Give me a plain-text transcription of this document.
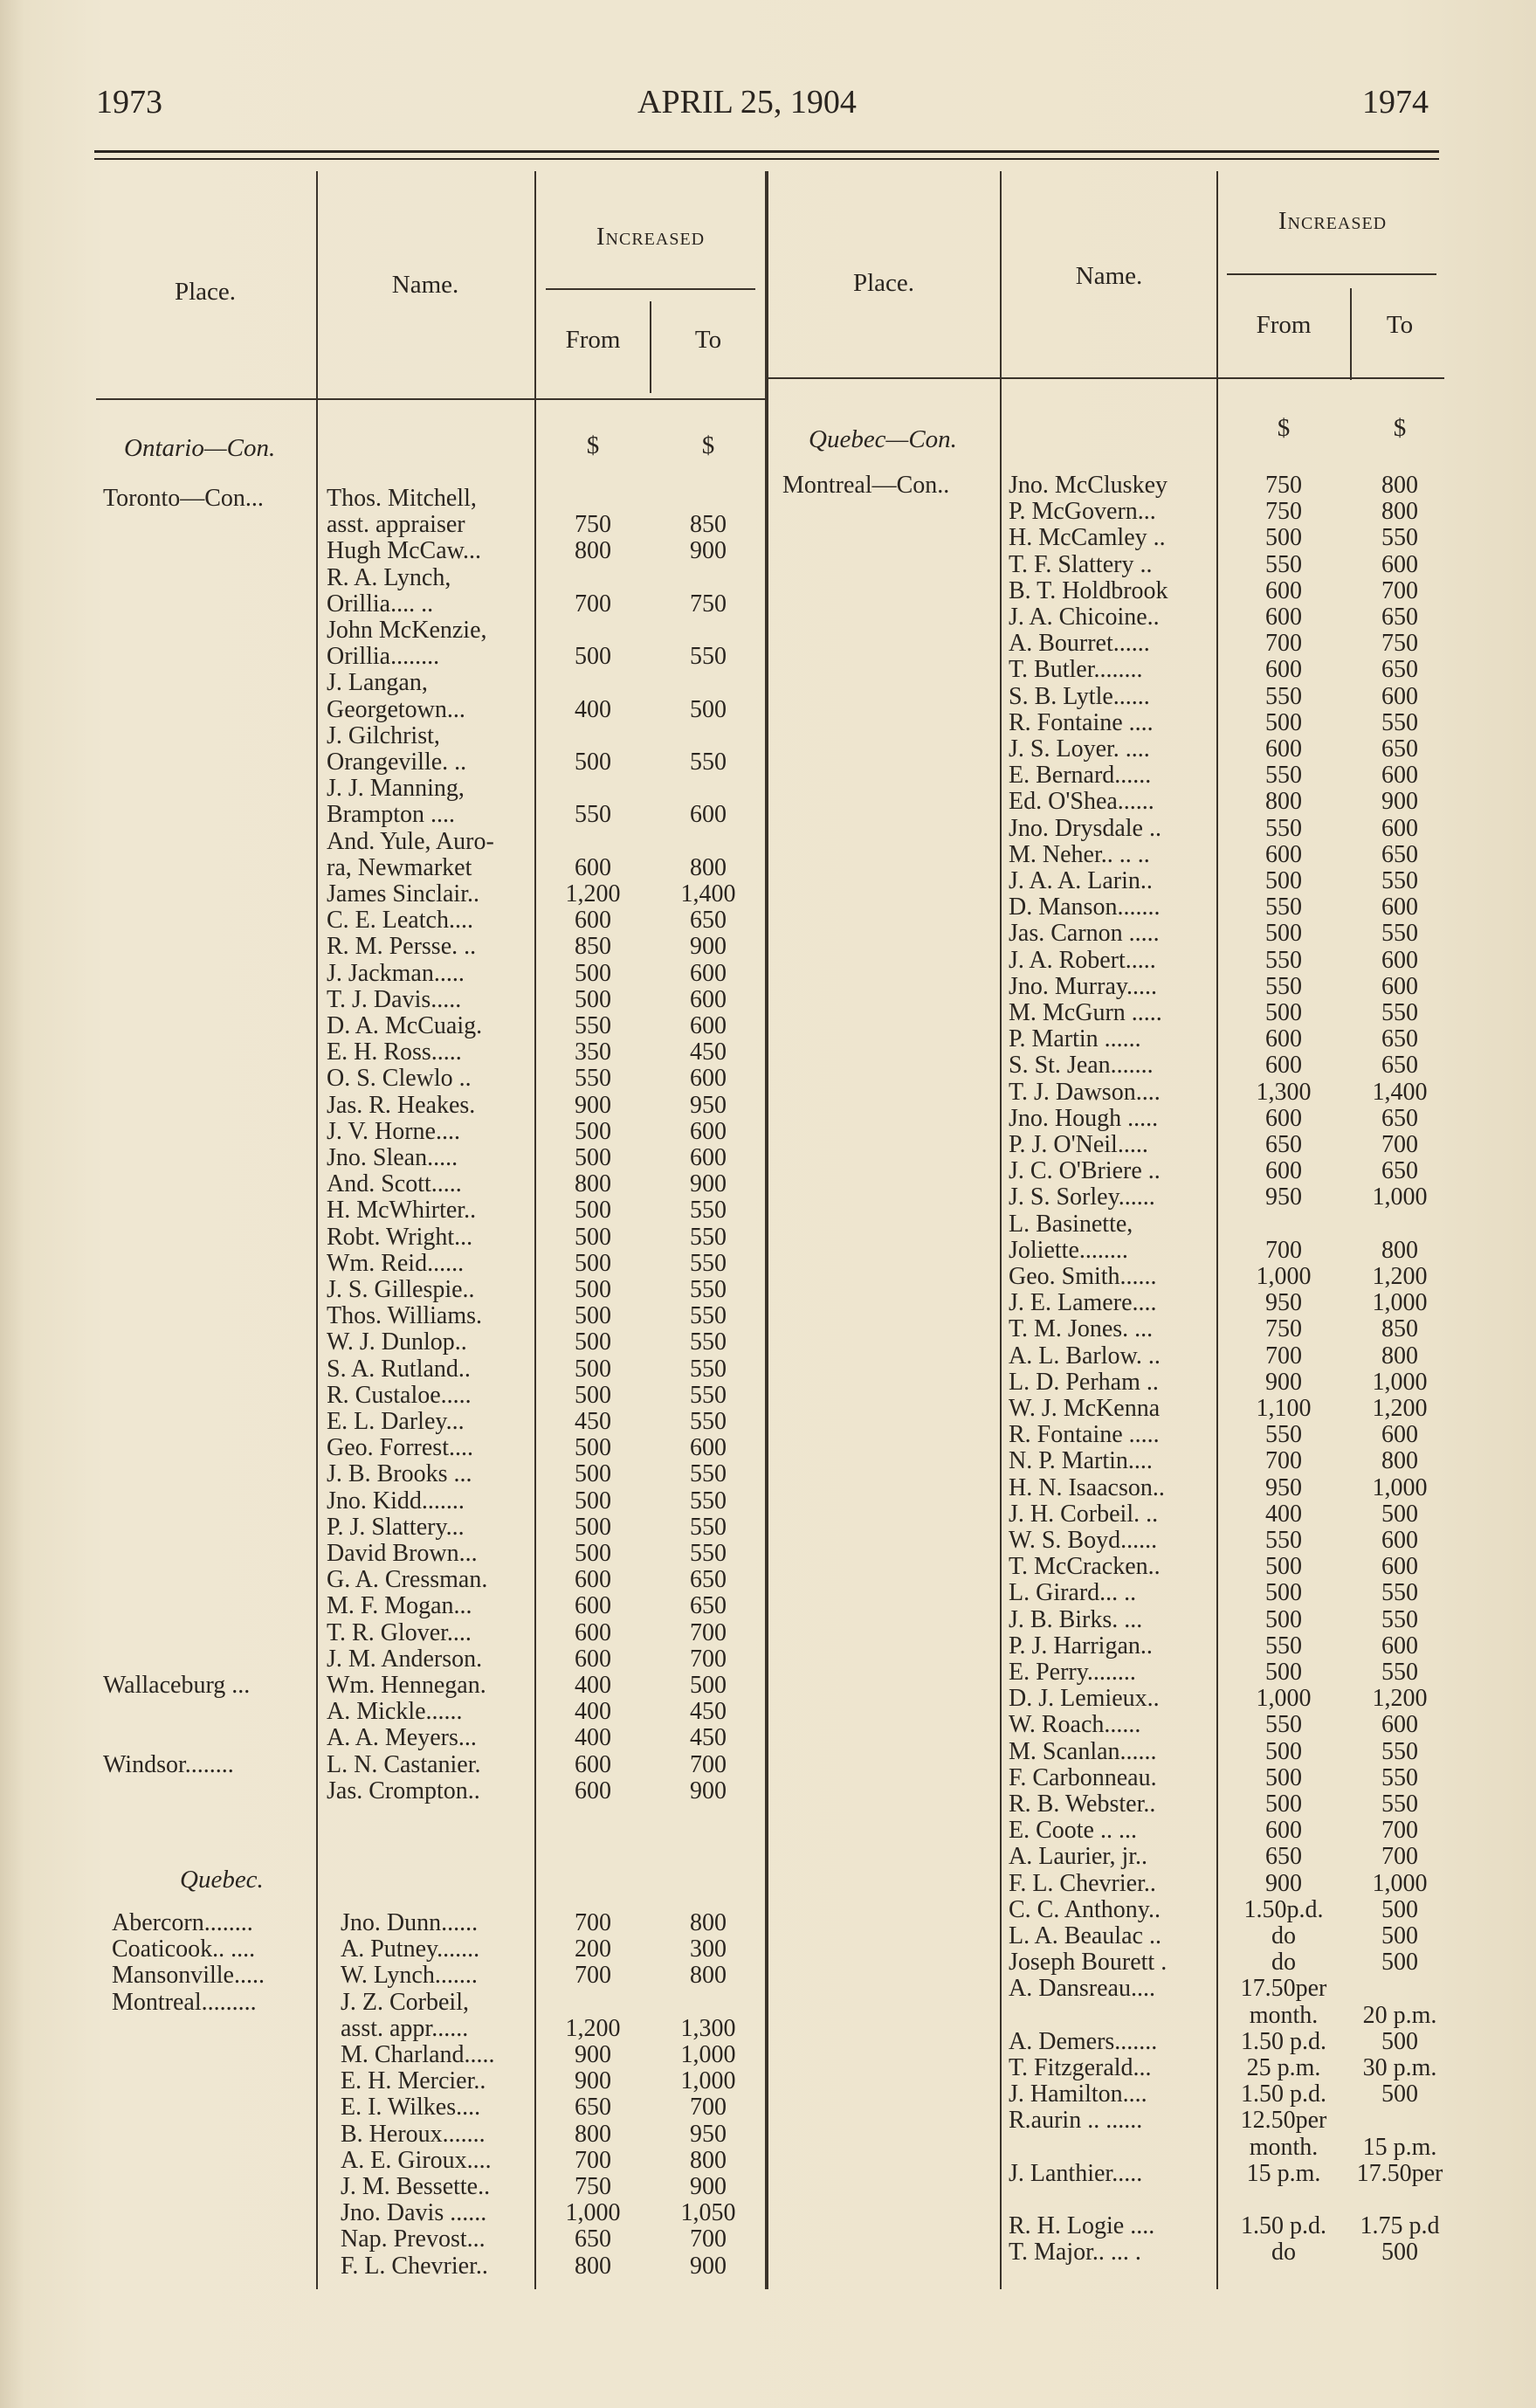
1973	APRIL 25, 1904	1974
Place.	Name.
Increased
From	To
$	$
Ontario—Con.
Toronto—Con...	Thos. Mitchell,
asst. appraiser	750	850
Hugh McCaw...	800	900
R. A. Lynch,
Orillia.... ..	700	750
John McKenzie,
Orillia........	500	550
J. Langan,
Georgetown...	400	500
J. Gilchrist,
Orangeville. ..	500	550
J. J. Manning,
Brampton ....	550	600
And. Yule, Auro-
ra, Newmarket	600	800
James Sinclair..	1,200	1,400
C. E. Leatch....	600	650
R. M. Persse. ..	850	900
J. Jackman.....	500	600
T. J. Davis.....	500	600
D. A. McCuaig.	550	600
E. H. Ross.....	350	450
O. S. Clewlo ..	550	600
Jas. R. Heakes.	900	950
J. V. Horne....	500	600
Jno. Slean.....	500	600
And. Scott.....	800	900
H. McWhirter..	500	550
Robt. Wright...	500	550
Wm. Reid......	500	550
J. S. Gillespie..	500	550
Thos. Williams.	500	550
W. J. Dunlop..	500	550
S. A. Rutland..	500	550
R. Custaloe.....	500	550
E. L. Darley...	450	550
Geo. Forrest....	500	600
J. B. Brooks ...	500	550
Jno. Kidd.......	500	550
P. J. Slattery...	500	550
David Brown...	500	550
G. A. Cressman.	600	650
M. F. Mogan...	600	650
T. R. Glover....	600	700
J. M. Anderson.	600	700
Wallaceburg ...	Wm. Hennegan.	400	500
A. Mickle......	400	450
A. A. Meyers...	400	450
Windsor........	L. N. Castanier.	600	700
Jas. Crompton..	600	900
Quebec.
Abercorn........	Jno. Dunn......	700	800
Coaticook.. ....	A. Putney.......	200	300
Mansonville.....	W. Lynch.......	700	800
Montreal.........	J. Z. Corbeil,
asst. appr......	1,200	1,300
M. Charland.....	900	1,000
E. H. Mercier..	900	1,000
E. I. Wilkes....	650	700
B. Heroux.......	800	950
A. E. Giroux....	700	800
J. M. Bessette..	750	900
Jno. Davis ......	1,000	1,050
Nap. Prevost...	650	700
F. L. Chevrier..	800	900
Place.	Name.
Increased
From	To
$	$
Quebec—Con.
Montreal—Con..	Jno. McCluskey	750	800
P. McGovern...	750	800
H. McCamley ..	500	550
T. F. Slattery ..	550	600
B. T. Holdbrook	600	700
J. A. Chicoine..	600	650
A. Bourret......	700	750
T. Butler........	600	650
S. B. Lytle......	550	600
R. Fontaine ....	500	550
J. S. Loyer. ....	600	650
E. Bernard......	550	600
Ed. O'Shea......	800	900
Jno. Drysdale ..	550	600
M. Neher.. .. ..	600	650
J. A. A. Larin..	500	550
D. Manson.......	550	600
Jas. Carnon .....	500	550
J. A. Robert.....	550	600
Jno. Murray.....	550	600
M. McGurn .....	500	550
P. Martin ......	600	650
S. St. Jean.......	600	650
T. J. Dawson....	1,300	1,400
Jno. Hough .....	600	650
P. J. O'Neil.....	650	700
J. C. O'Briere ..	600	650
J. S. Sorley......	950	1,000
L. Basinette,
Joliette........	700	800
Geo. Smith......	1,000	1,200
J. E. Lamere....	950	1,000
T. M. Jones. ...	750	850
A. L. Barlow. ..	700	800
L. D. Perham ..	900	1,000
W. J. McKenna	1,100	1,200
R. Fontaine .....	550	600
N. P. Martin....	700	800
H. N. Isaacson..	950	1,000
J. H. Corbeil. ..	400	500
W. S. Boyd......	550	600
T. McCracken..	500	600
L. Girard... ..	500	550
J. B. Birks. ...	500	550
P. J. Harrigan..	550	600
E. Perry........	500	550
D. J. Lemieux..	1,000	1,200
W. Roach......	550	600
M. Scanlan......	500	550
F. Carbonneau.	500	550
R. B. Webster..	500	550
E. Coote .. ...	600	700
A. Laurier, jr..	650	700
F. L. Chevrier..	900	1,000
C. C. Anthony..	1.50p.d.	500
L. A. Beaulac ..	do	500
Joseph Bourett .	do	500
A. Dansreau....	17.50per
month.	20 p.m.
A. Demers.......	1.50 p.d.	500
T. Fitzgerald...	25 p.m.	30 p.m.
J. Hamilton....	1.50 p.d.	500
R.aurin .. ......	12.50per
month.	15 p.m.
J. Lanthier.....	15 p.m.	17.50per
R. H. Logie ....	1.50 p.d.	1.75 p.d
T. Major.. ... .	do	500
